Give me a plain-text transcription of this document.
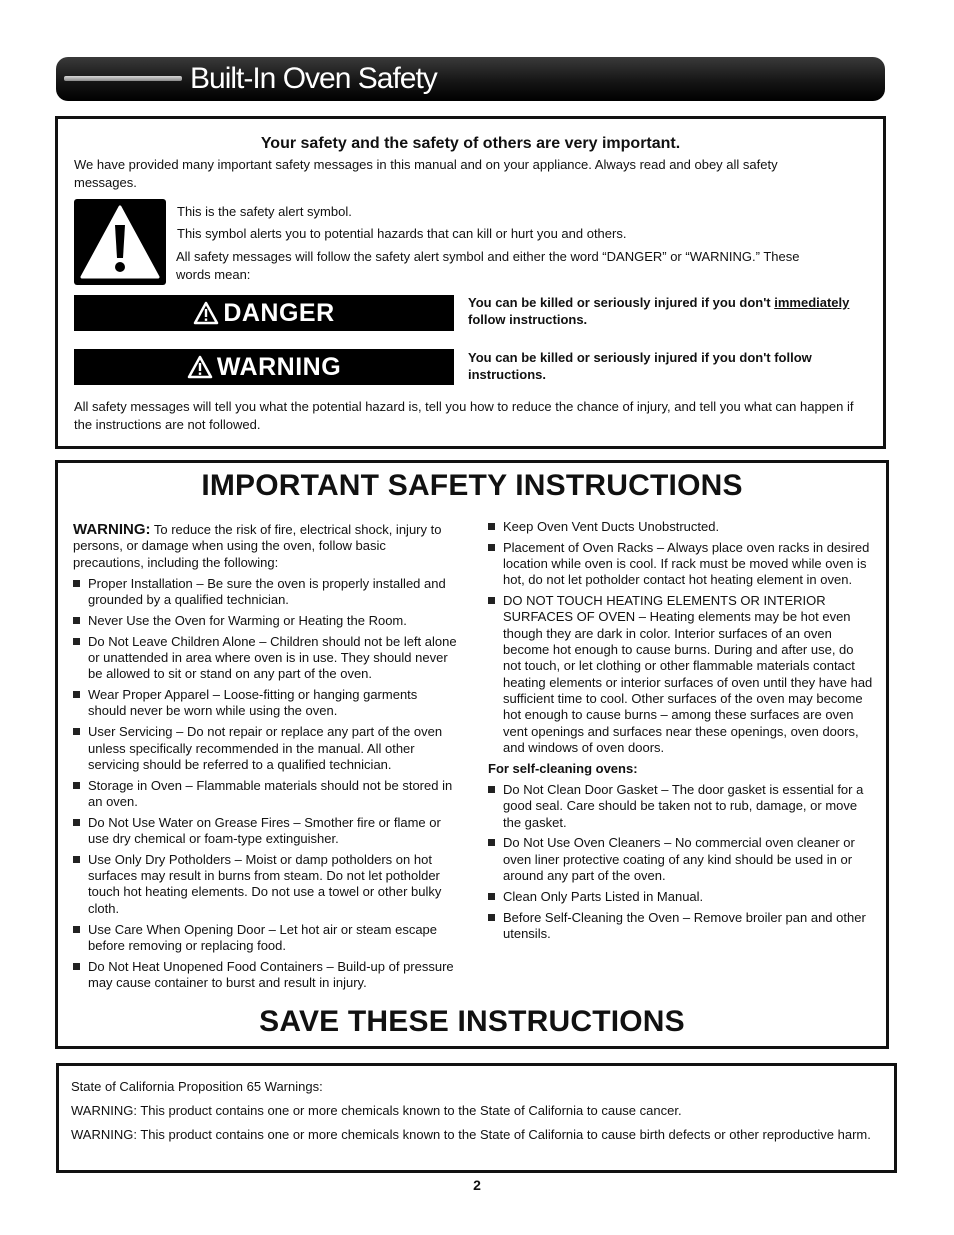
Built-In Oven Safety
Your safety and the safety of others are very important.
We have provided many important safety messages in this manual and on your appliance. Always read and obey all safety messages.
This is the safety alert symbol.
This symbol alerts you to potential hazards that can kill or hurt you and others.
All safety messages will follow the safety alert symbol and either the word “DANGER” or “WARNING.” These words mean:
DANGER	You can be killed or seriously injured if you don't immediately
follow instructions.
WARNING	You can be killed or seriously injured if you don't follow instructions.
All safety messages will tell you what the potential hazard is, tell you how to reduce the chance of injury, and tell you what can happen if the instructions are not followed.
IMPORTANT SAFETY INSTRUCTIONS
WARNING: To reduce the risk of fire, electrical shock, injury to persons, or damage when using the oven, follow basic precautions, including the following:
Proper Installation – Be sure the oven is properly installed and grounded by a qualified technician.
Never Use the Oven for Warming or Heating the Room.
Do Not Leave Children Alone – Children should not be left alone or unattended in area where oven is in use. They should never be allowed to sit or stand on any part of the oven.
Wear Proper Apparel – Loose-fitting or hanging garments should never be worn while using the oven.
User Servicing – Do not repair or replace any part of the oven unless specifically recommended in the manual. All other servicing should be referred to a qualified technician.
Storage in Oven – Flammable materials should not be stored in an oven.
Do Not Use Water on Grease Fires – Smother fire or flame or use dry chemical or foam-type extinguisher.
Use Only Dry Potholders – Moist or damp potholders on hot surfaces may result in burns from steam. Do not let potholder touch hot heating elements. Do not use a towel or other bulky cloth.
Use Care When Opening Door – Let hot air or steam escape before removing or replacing food.
Do Not Heat Unopened Food Containers – Build-up of pressure may cause container to burst and result in injury.
Keep Oven Vent Ducts Unobstructed.
Placement of Oven Racks – Always place oven racks in desired location while oven is cool. If rack must be moved while oven is hot, do not let potholder contact hot heating element in oven.
DO NOT TOUCH HEATING ELEMENTS OR INTERIOR SURFACES OF OVEN – Heating elements may be hot even though they are dark in color. Interior surfaces of an oven become hot enough to cause burns. During and after use, do not touch, or let clothing or other flammable materials contact heating elements or interior surfaces of oven until they have had sufficient time to cool. Other surfaces of the oven may become hot enough to cause burns – among these surfaces are oven vent openings and surfaces near these openings, oven doors, and windows of oven doors.
For self-cleaning ovens:
Do Not Clean Door Gasket – The door gasket is essential for a good seal. Care should be taken not to rub, damage, or move the gasket.
Do Not Use Oven Cleaners – No commercial oven cleaner or oven liner protective coating of any kind should be used in or around any part of the oven.
Clean Only Parts Listed in Manual.
Before Self-Cleaning the Oven – Remove broiler pan and other utensils.
SAVE THESE INSTRUCTIONS
State of California Proposition 65 Warnings:
WARNING: This product contains one or more chemicals known to the State of California to cause cancer.
WARNING: This product contains one or more chemicals known to the State of California to cause birth defects or other reproductive harm.
2
